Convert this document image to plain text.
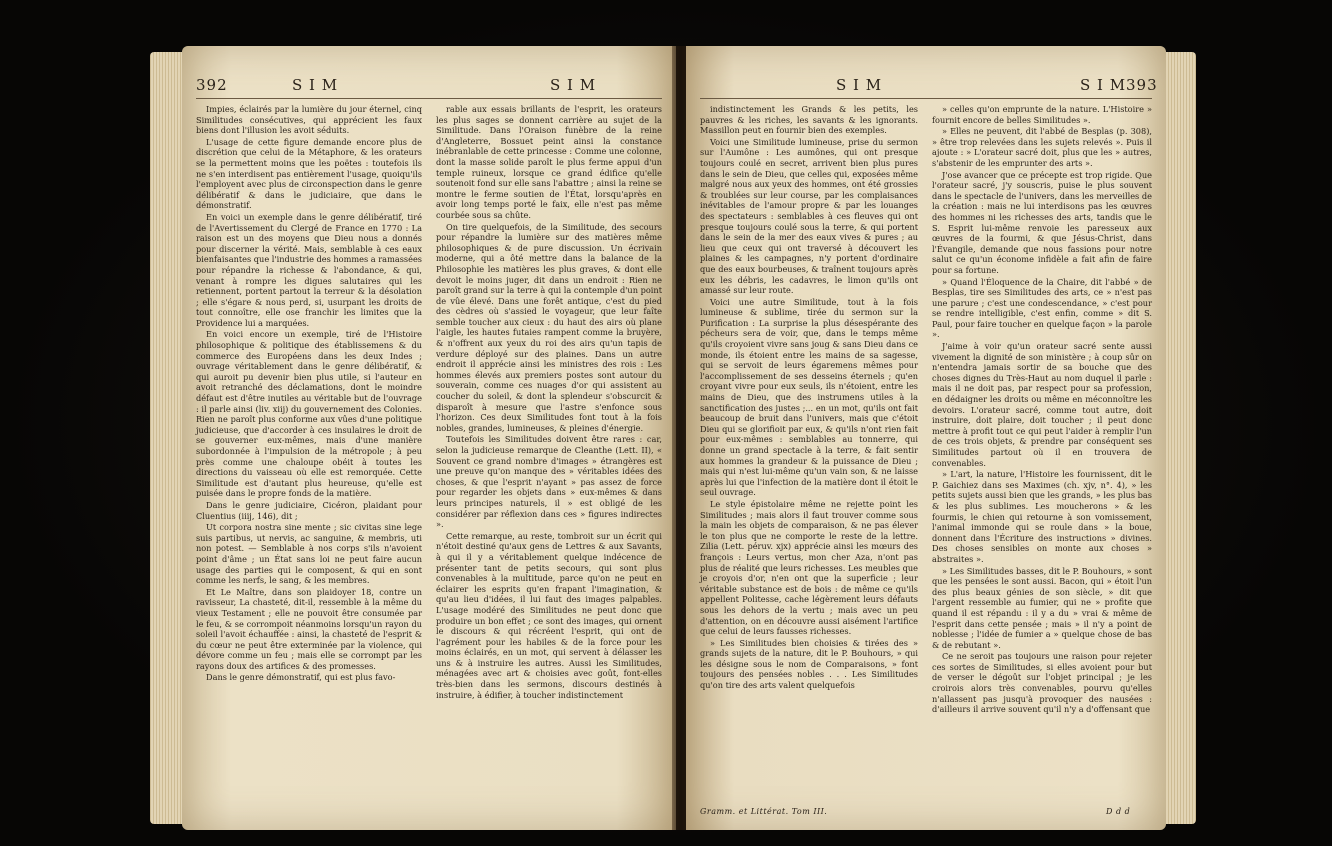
392	S I M	S I M

Impies, éclairés par la lumière du jour éternel, cinq Similitudes consécutives, qui apprécient les faux biens dont l'illusion les avoit séduits.

L'usage de cette figure demande encore plus de discrétion que celui de la Métaphore, & les orateurs se la permettent moins que les poëtes : toutefois ils ne s'en interdisent pas entièrement l'usage, quoiqu'ils l'employent avec plus de circonspection dans le genre délibératif & dans le judiciaire, que dans le démonstratif.

En voici un exemple dans le genre délibératif, tiré de l'Avertissement du Clergé de France en 1770 : La raison est un des moyens que Dieu nous a donnés pour discerner la vérité. Mais, semblable à ces eaux bienfaisantes que l'industrie des hommes a ramassées pour répandre la richesse & l'abondance, & qui, venant à rompre les digues salutaires qui les retiennent, portent partout la terreur & la désolation ; elle s'égare & nous perd, si, usurpant les droits de tout connoître, elle ose franchir les limites que la Providence lui a marquées.

En voici encore un exemple, tiré de l'Histoire philosophique & politique des établissemens & du commerce des Européens dans les deux Indes ; ouvrage véritablement dans le genre délibératif, & qui auroit pu devenir bien plus utile, si l'auteur en avoit retranché des déclamations, dont le moindre défaut est d'être inutiles au véritable but de l'ouvrage : il parle ainsi (liv. xiij) du gouvernement des Colonies. Rien ne paroît plus conforme aux vûes d'une politique judicieuse, que d'accorder à ces insulaires le droit de se gouverner eux-mêmes, mais d'une manière subordonnée à l'impulsion de la métropole ; à peu près comme une chaloupe obéit à toutes les directions du vaisseau où elle est remorquée. Cette Similitude est d'autant plus heureuse, qu'elle est puisée dans le propre fonds de la matière.

Dans le genre judiciaire, Cicéron, plaidant pour Cluentius (iiij, 146), dit ;

Ut corpora nostra sine mente ; sic civitas sine lege suis partibus, ut nervis, ac sanguine, & membris, uti non potest. — Semblable à nos corps s'ils n'avoient point d'âme ; un État sans loi ne peut faire aucun usage des parties qui le composent, & qui en sont comme les nerfs, le sang, & les membres.

Et Le Maître, dans son plaidoyer 18, contre un ravisseur, La chasteté, dit-il, ressemble à la même du vieux Testament ; elle ne pouvoit être consumée par le feu, & se corrompoit néanmoins lorsqu'un rayon du soleil l'avoit échauffée : ainsi, la chasteté de l'esprit & du cœur ne peut être exterminée par la violence, qui dévore comme un feu ; mais elle se corrompt par les rayons doux des artifices & des promesses.

Dans le genre démonstratif, qui est plus favo-

rable aux essais brillants de l'esprit, les orateurs les plus sages se donnent carrière au sujet de la Similitude. Dans l'Oraison funèbre de la reine d'Angleterre, Bossuet peint ainsi la constance inébranlable de cette princesse : Comme une colonne, dont la masse solide paroît le plus ferme appui d'un temple ruineux, lorsque ce grand édifice qu'elle soutenoit fond sur elle sans l'abattre ; ainsi la reine se montre le ferme soutien de l'État, lorsqu'après en avoir long temps porté le faix, elle n'est pas même courbée sous sa chûte.

On tire quelquefois, de la Similitude, des secours pour répandre la lumière sur des matières même philosophiques & de pure discussion. Un écrivain moderne, qui a ôté mettre dans la balance de la Philosophie les matières les plus graves, & dont elle devoit le moins juger, dit dans un endroit : Rien ne paroît grand sur la terre à qui la contemple d'un point de vûe élevé. Dans une forêt antique, c'est du pied des cèdres où s'assied le voyageur, que leur faîte semble toucher aux cieux : du haut des airs où plane l'aigle, les hautes futaies rampent comme la bruyère, & n'offrent aux yeux du roi des airs qu'un tapis de verdure déployé sur des plaines. Dans un autre endroit il apprécie ainsi les ministres des rois : Les hommes élevés aux premiers postes sont autour du souverain, comme ces nuages d'or qui assistent au coucher du soleil, & dont la splendeur s'obscurcit & disparoît à mesure que l'astre s'enfonce sous l'horizon. Ces deux Similitudes font tout à la fois nobles, grandes, lumineuses, & pleines d'énergie.

Toutefois les Similitudes doivent être rares : car, selon la judicieuse remarque de Cleanthe (Lett. II), « Souvent ce grand nombre d'images » étrangères est une preuve qu'on manque des » véritables idées des choses, & que l'esprit n'ayant » pas assez de force pour regarder les objets dans » eux-mêmes & dans leurs principes naturels, il » est obligé de les considérer par réflexion dans ces » figures indirectes ».

Cette remarque, au reste, tombroit sur un écrit qui n'étoit destiné qu'aux gens de Lettres & aux Savants, à qui il y a véritablement quelque indécence de présenter tant de petits secours, qui sont plus convenables à la multitude, parce qu'on ne peut en éclairer les esprits qu'en frapant l'imagination, & qu'au lieu d'idées, il lui faut des images palpables. L'usage modéré des Similitudes ne peut donc que produire un bon effet ; ce sont des images, qui ornent le discours & qui récréent l'esprit, qui ont de l'agrément pour les habiles & de la force pour les moins éclairés, en un mot, qui servent à délasser les uns & à instruire les autres. Aussi les Similitudes, ménagées avec art & choisies avec goût, font-elles très-bien dans les sermons, discours destinés à instruire, à édifier, à toucher indistinctement

S I M	S I M 393

indistinctement les Grands & les petits, les pauvres & les riches, les savants & les ignorants. Massillon peut en fournir bien des exemples.

Voici une Similitude lumineuse, prise du sermon sur l'Aumône : Les aumônes, qui ont presque toujours coulé en secret, arrivent bien plus pures dans le sein de Dieu, que celles qui, exposées même malgré nous aux yeux des hommes, ont été grossies & troublées sur leur course, par les complaisances inévitables de l'amour propre & par les louanges des spectateurs : semblables à ces fleuves qui ont presque toujours coulé sous la terre, & qui portent dans le sein de la mer des eaux vives & pures ; au lieu que ceux qui ont traversé à découvert les plaines & les campagnes, n'y portent d'ordinaire que des eaux bourbeuses, & traînent toujours après eux les débris, les cadavres, le limon qu'ils ont amassé sur leur route.

Voici une autre Similitude, tout à la fois lumineuse & sublime, tirée du sermon sur la Purification : La surprise la plus désespérante des pécheurs sera de voir, que, dans le temps même qu'ils croyoient vivre sans joug & sans Dieu dans ce monde, ils étoient entre les mains de sa sagesse, qui se servoit de leurs égaremens mêmes pour l'accomplissement de ses desseins éternels ; qu'en croyant vivre pour eux seuls, ils n'étoient, entre les mains de Dieu, que des instrumens utiles à la sanctification des justes ;... en un mot, qu'ils ont fait beaucoup de bruit dans l'univers, mais que c'étoit Dieu qui se glorifioit par eux, & qu'ils n'ont rien fait pour eux-mêmes : semblables au tonnerre, qui donne un grand spectacle à la terre, & fait sentir aux hommes la grandeur & la puissance de Dieu ; mais qui n'est lui-même qu'un vain son, & ne laisse après lui que l'infection de la matière dont il étoit le seul ouvrage.

Le style épistolaire même ne rejette point les Similitudes ; mais alors il faut trouver comme sous la main les objets de comparaison, & ne pas élever le ton plus que ne comporte le reste de la lettre. Zilia (Lett. péruv. xjx) apprécie ainsi les mœurs des françois : Leurs vertus, mon cher Aza, n'ont pas plus de réalité que leurs richesses. Les meubles que je croyois d'or, n'en ont que la superficie ; leur véritable substance est de bois : de même ce qu'ils appellent Politesse, cache légèrement leurs défauts sous les dehors de la vertu ; mais avec un peu d'attention, on en découvre aussi aisément l'artifice que celui de leurs fausses richesses.

» Les Similitudes bien choisies & tirées des » grands sujets de la nature, dit le P. Bouhours, » qui les désigne sous le nom de Comparaisons, » font toujours des pensées nobles . . . Les Similitudes qu'on tire des arts valent quelquefois

» celles qu'on emprunte de la nature. L'Histoire » fournit encore de belles Similitudes ».

» Elles ne peuvent, dit l'abbé de Besplas (p. 308), » être trop relevées dans les sujets relevés ». Puis il ajoute : » L'orateur sacré doit, plus que les » autres, s'abstenir de les emprunter des arts ».

J'ose avancer que ce précepte est trop rigide. Que l'orateur sacré, j'y souscris, puise le plus souvent dans le spectacle de l'univers, dans les merveilles de la création : mais ne lui interdisons pas les œuvres des hommes ni les richesses des arts, tandis que le S. Esprit lui-même renvoie les paresseux aux œuvres de la fourmi, & que Jésus-Christ, dans l'Évangile, demande que nous fassions pour notre salut ce qu'un économe infidèle a fait afin de faire pour sa fortune.

» Quand l'Éloquence de la Chaire, dit l'abbé » de Besplas, tire ses Similitudes des arts, ce » n'est pas une parure ; c'est une condescendance, » c'est pour se rendre intelligible, c'est enfin, comme » dit S. Paul, pour faire toucher en quelque façon » la parole ».

J'aime à voir qu'un orateur sacré sente aussi vivement la dignité de son ministère ; à coup sûr on n'entendra jamais sortir de sa bouche que des choses dignes du Très-Haut au nom duquel il parle : mais il ne doit pas, par respect pour sa profession, en dédaigner les droits ou même en méconnoître les devoirs. L'orateur sacré, comme tout autre, doit instruire, doit plaire, doit toucher ; il peut donc mettre à profit tout ce qui peut l'aider à remplir l'un de ces trois objets, & prendre par conséquent ses Similitudes partout où il en trouvera de convenables.

» L'art, la nature, l'Histoire les fournissent, dit le P. Gaichiez dans ses Maximes (ch. xjv, n°. 4), » les petits sujets aussi bien que les grands, » les plus bas & les plus sublimes. Les moucherons » & les fourmis, le chien qui retourne à son vomissement, l'animal immonde qui se roule dans » la boue, donnent dans l'Écriture des instructions » divines. Des choses sensibles on monte aux choses » abstraites ».

» Les Similitudes basses, dit le P. Bouhours, » sont que les pensées le sont aussi. Bacon, qui » étoit l'un des plus beaux génies de son siècle, » dit que l'argent ressemble au fumier, qui ne » profite que quand il est répandu : il y a du » vrai & même de l'esprit dans cette pensée ; mais » il n'y a point de noblesse ; l'idée de fumier a » quelque chose de bas & de rebutant ».

Ce ne seroit pas toujours une raison pour rejeter ces sortes de Similitudes, si elles avoient pour but de verser le dégoût sur l'objet principal ; je les croirois alors très convenables, pourvu qu'elles n'allassent pas jusqu'à provoquer des nausées : d'ailleurs il arrive souvent qu'il n'y a d'offensant que

Gramm. et Littérat. Tom III.	D d d
